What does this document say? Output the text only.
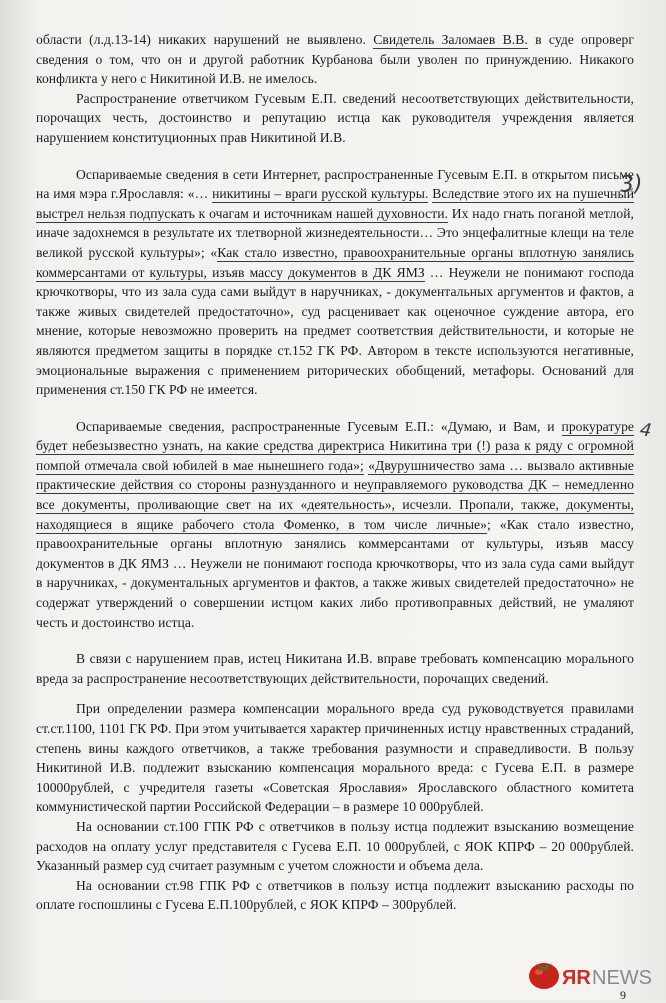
области (л.д.13-14) никаких нарушений не выявлено. Свидетель Заломаев В.В. в суде опроверг сведения о том, что он и другой работник Курбанова были уволен по принуждению. Никакого конфликта у него с Никитиной И.В. не имелось.

Распространение ответчиком Гусевым Е.П. сведений несоответствующих действительности, порочащих честь, достоинство и репутацию истца как руководителя учреждения является нарушением конституционных прав Никитиной И.В.

Оспариваемые сведения в сети Интернет, распространенные Гусевым Е.П. в открытом письме на имя мэра г.Ярославля: «… никитины – враги русской культуры. Вследствие этого их на пушечный выстрел нельзя подпускать к очагам и источникам нашей духовности. Их надо гнать поганой метлой, иначе задохнемся в результате их тлетворной жизнедеятельности… Это энцефалитные клещи на теле великой русской культуры»; «Как стало известно, правоохранительные органы вплотную занялись коммерсантами от культуры, изъяв массу документов в ДК ЯМЗ … Неужели не понимают господа крючкотворы, что из зала суда сами выйдут в наручниках, - документальных аргументов и фактов, а также живых свидетелей предостаточно», суд расценивает как оценочное суждение автора, его мнение, которые невозможно проверить на предмет соответствия действительности, и которые не являются предметом защиты в порядке ст.152 ГК РФ. Автором в тексте используются негативные, эмоциональные выражения с применением риторических обобщений, метафоры. Оснований для применения ст.150 ГК РФ не имеется.

Оспариваемые сведения, распространенные Гусевым Е.П.: «Думаю, и Вам, и прокуратуре будет небезызвестно узнать, на какие средства директриса Никитина три (!) раза к ряду с огромной помпой отмечала свой юбилей в мае нынешнего года»; «Двурушничество зама … вызвало активные практические действия со стороны разнузданного и неуправляемого руководства ДК – немедленно все документы, проливающие свет на их «деятельность», исчезли. Пропали, также, документы, находящиеся в ящике рабочего стола Фоменко, в том числе личные»; «Как стало известно, правоохранительные органы вплотную занялись коммерсантами от культуры, изъяв массу документов в ДК ЯМЗ … Неужели не понимают господа крючкотворы, что из зала суда сами выйдут в наручниках, - документальных аргументов и фактов, а также живых свидетелей предостаточно» не содержат утверждений о совершении истцом каких либо противоправных действий, не умаляют честь и достоинство истца.

В связи с нарушением прав, истец Никитана И.В. вправе требовать компенсацию морального вреда за распространение несоответствующих действительности, порочащих сведений.

При определении размера компенсации морального вреда суд руководствуется правилами ст.ст.1100, 1101 ГК РФ. При этом учитывается характер причиненных истцу нравственных страданий, степень вины каждого ответчиков, а также требования разумности и справедливости. В пользу Никитиной И.В. подлежит взысканию компенсация морального вреда: с Гусева Е.П. в размере 10000рублей, с учредителя газеты «Советская Ярославия» Ярославского областного комитета коммунистической партии Российской Федерации – в размере 10 000рублей.

На основании ст.100 ГПК РФ с ответчиков в пользу истца подлежит взысканию возмещение расходов на оплату услуг представителя с Гусева Е.П. 10 000рублей, с ЯОК КПРФ – 20 000рублей. Указанный размер суд считает разумным с учетом сложности и объема дела.

На основании ст.98 ГПК РФ с ответчиков в пользу истца подлежит взысканию расходы по оплате госпошлины с Гусева Е.П.100рублей, с ЯОК КПРФ – 300рублей.

3)
4
9
ЯR NEWS
